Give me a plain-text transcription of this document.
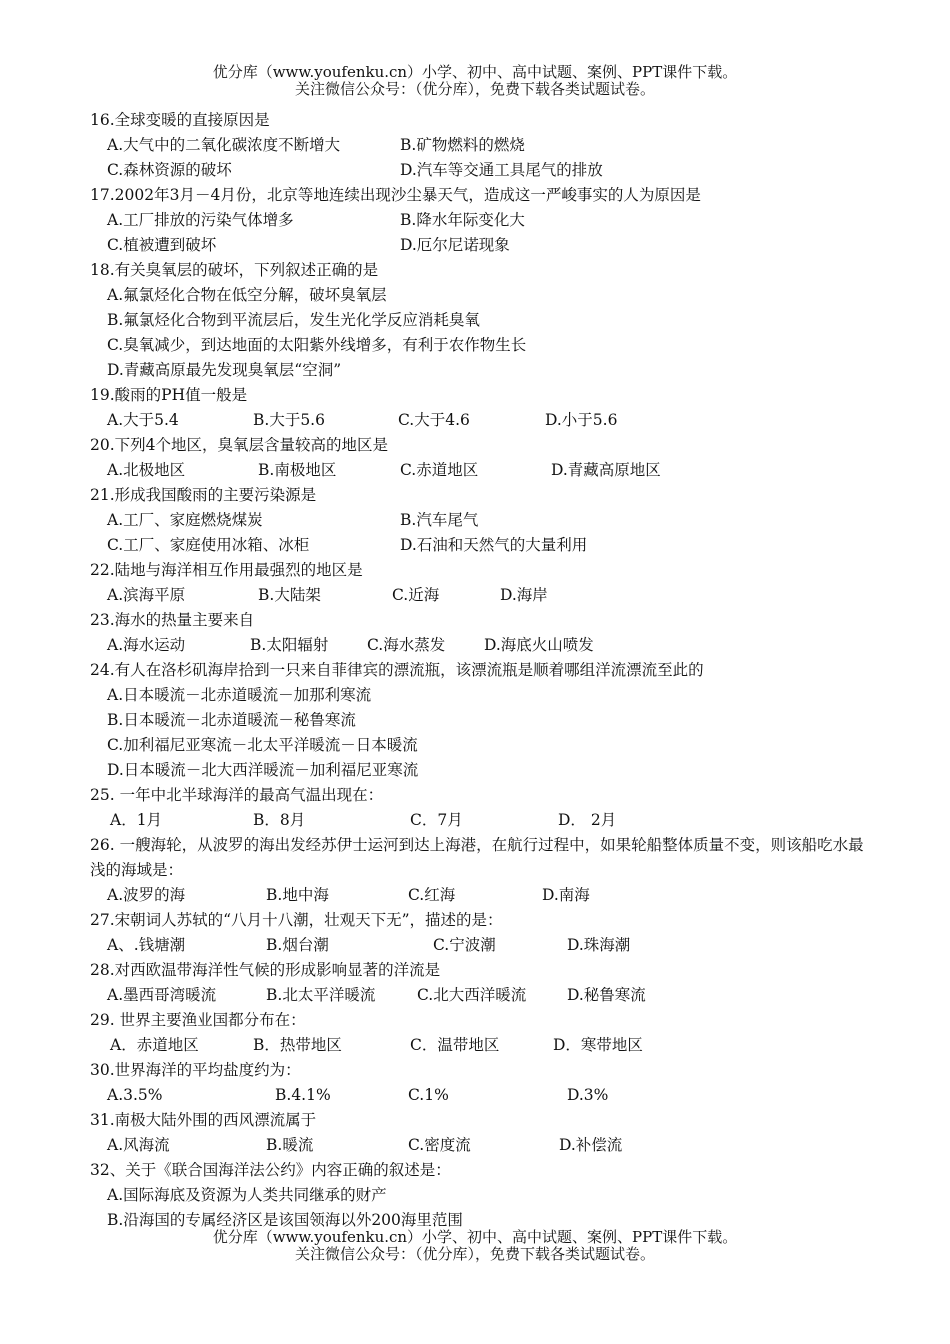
优分库（www.youfenku.cn）小学、初中、高中试题、案例、PPT课件下载。
关注微信公众号：（优分库），免费下载各类试题试卷。
16.全球变暖的直接原因是
A.大气中的二氧化碳浓度不断增大	B.矿物燃料的燃烧
C.森林资源的破坏	D.汽车等交通工具尾气的排放
17.2002年3月－4月份，北京等地连续出现沙尘暴天气，造成这一严峻事实的人为原因是
A.工厂排放的污染气体增多	B.降水年际变化大
C.植被遭到破坏	D.厄尔尼诺现象
18.有关臭氧层的破坏，下列叙述正确的是
A.氟氯烃化合物在低空分解，破坏臭氧层
B.氟氯烃化合物到平流层后，发生光化学反应消耗臭氧
C.臭氧减少，到达地面的太阳紫外线增多，有利于农作物生长
D.青藏高原最先发现臭氧层“空洞”
19.酸雨的PH值一般是
A.大于5.4	B.大于5.6	C.大于4.6	D.小于5.6
20.下列4个地区，臭氧层含量较高的地区是
A.北极地区	B.南极地区	C.赤道地区	D.青藏高原地区
21.形成我国酸雨的主要污染源是
A.工厂、家庭燃烧煤炭	B.汽车尾气
C.工厂、家庭使用冰箱、冰柜	D.石油和天然气的大量利用
22.陆地与海洋相互作用最强烈的地区是
A.滨海平原	B.大陆架	C.近海	D.海岸
23.海水的热量主要来自
A.海水运动	B.太阳辐射 C.海水蒸发	D.海底火山喷发
24.有人在洛杉矶海岸拾到一只来自菲律宾的漂流瓶，该漂流瓶是顺着哪组洋流漂流至此的
A.日本暖流－北赤道暖流－加那利寒流
B.日本暖流－北赤道暖流－秘鲁寒流
C.加利福尼亚寒流－北太平洋暖流－日本暖流
D.日本暖流－北大西洋暖流－加利福尼亚寒流
25. 一年中北半球海洋的最高气温出现在：
A．1月	B．8月	C．7月	D． 2月
26. 一艘海轮，从波罗的海出发经苏伊士运河到达上海港，在航行过程中，如果轮船整体质量不变，则该船吃水最浅的海域是：
A.波罗的海	B.地中海	C.红海	D.南海
27.宋朝词人苏轼的“八月十八潮，壮观天下无”，描述的是：
A、.钱塘潮	B.烟台潮	C.宁波潮	D.珠海潮
28.对西欧温带海洋性气候的形成影响显著的洋流是
A.墨西哥湾暖流	B.北太平洋暖流	C.北大西洋暖流	D.秘鲁寒流
29. 世界主要渔业国都分布在：
A．赤道地区	B．热带地区	C．温带地区	D．寒带地区
30.世界海洋的平均盐度约为：
A.3.5%	B.4.1%	C.1%	D.3%
31.南极大陆外围的西风漂流属于
A.风海流	B.暖流	C.密度流	D.补偿流
32、关于《联合国海洋法公约》内容正确的叙述是：
A.国际海底及资源为人类共同继承的财产
B.沿海国的专属经济区是该国领海以外200海里范围
优分库（www.youfenku.cn）小学、初中、高中试题、案例、PPT课件下载。
关注微信公众号：（优分库），免费下载各类试题试卷。
